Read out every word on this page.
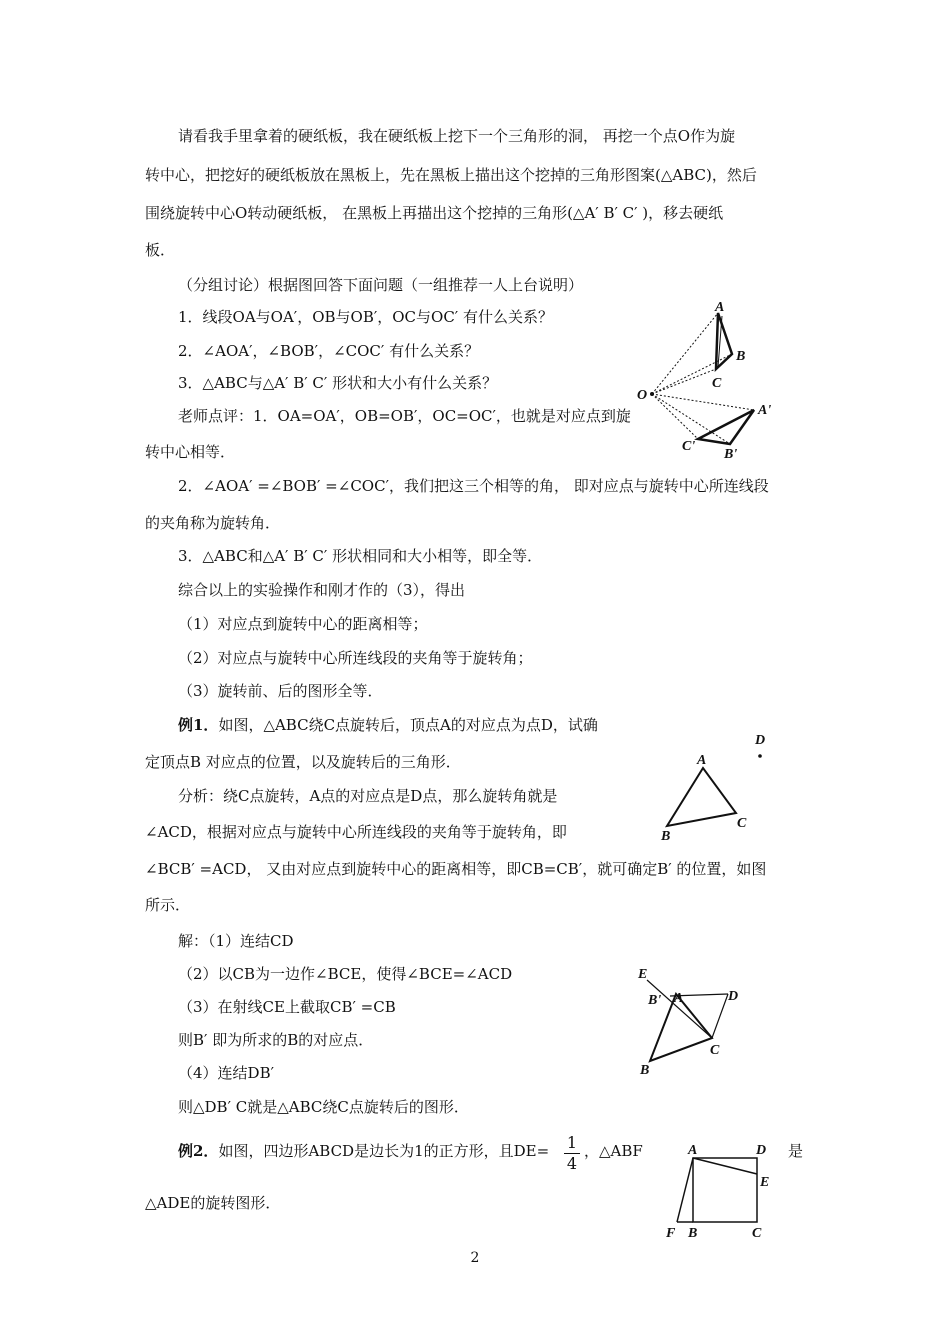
请看我手里拿着的硬纸板，我在硬纸板上挖下一个三角形的洞， 再挖一个点O作为旋
转中心，把挖好的硬纸板放在黑板上，先在黑板上描出这个挖掉的三角形图案(△ABC)，然后
围绕旋转中心O转动硬纸板， 在黑板上再描出这个挖掉的三角形(△A′ B′ C′ )，移去硬纸
板．
（分组讨论）根据图回答下面问题（一组推荐一人上台说明）
1．线段OA与OA′，OB与OB′，OC与OC′ 有什么关系？
2．∠AOA′，∠BOB′，∠COC′ 有什么关系？
3．△ABC与△A′ B′ C′ 形状和大小有什么关系？
老师点评：1．OA=OA′，OB=OB′，OC=OC′，也就是对应点到旋
转中心相等．
2．∠AOA′ =∠BOB′ =∠COC′，我们把这三个相等的角， 即对应点与旋转中心所连线段
的夹角称为旋转角．
3．△ABC和△A′ B′ C′ 形状相同和大小相等，即全等．
综合以上的实验操作和刚才作的（3），得出
（1）对应点到旋转中心的距离相等；
（2）对应点与旋转中心所连线段的夹角等于旋转角；
（3）旋转前、后的图形全等．
例1．如图，△ABC绕C点旋转后，顶点A的对应点为点D，试确
定顶点B 对应点的位置，以及旋转后的三角形．
分析：绕C点旋转，A点的对应点是D点，那么旋转角就是
∠ACD，根据对应点与旋转中心所连线段的夹角等于旋转角，即
∠BCB′ =ACD， 又由对应点到旋转中心的距离相等，即CB=CB′，就可确定B′ 的位置，如图
所示．
解：（1）连结CD
（2）以CB为一边作∠BCE，使得∠BCE=∠ACD
（3）在射线CE上截取CB′ =CB
则B′ 即为所求的B的对应点．
（4）连结DB′
则△DB′ C就是△ABC绕C点旋转后的图形．
例2．如图，四边形ABCD是边长为1的正方形，且DE= 1
4
，△ABF	是
△ADE的旋转图形．
A
B
C
O
A'
C'
B'
D
A
B
C
E
B' A	D
C
B
A	D
E
F B	C
2
